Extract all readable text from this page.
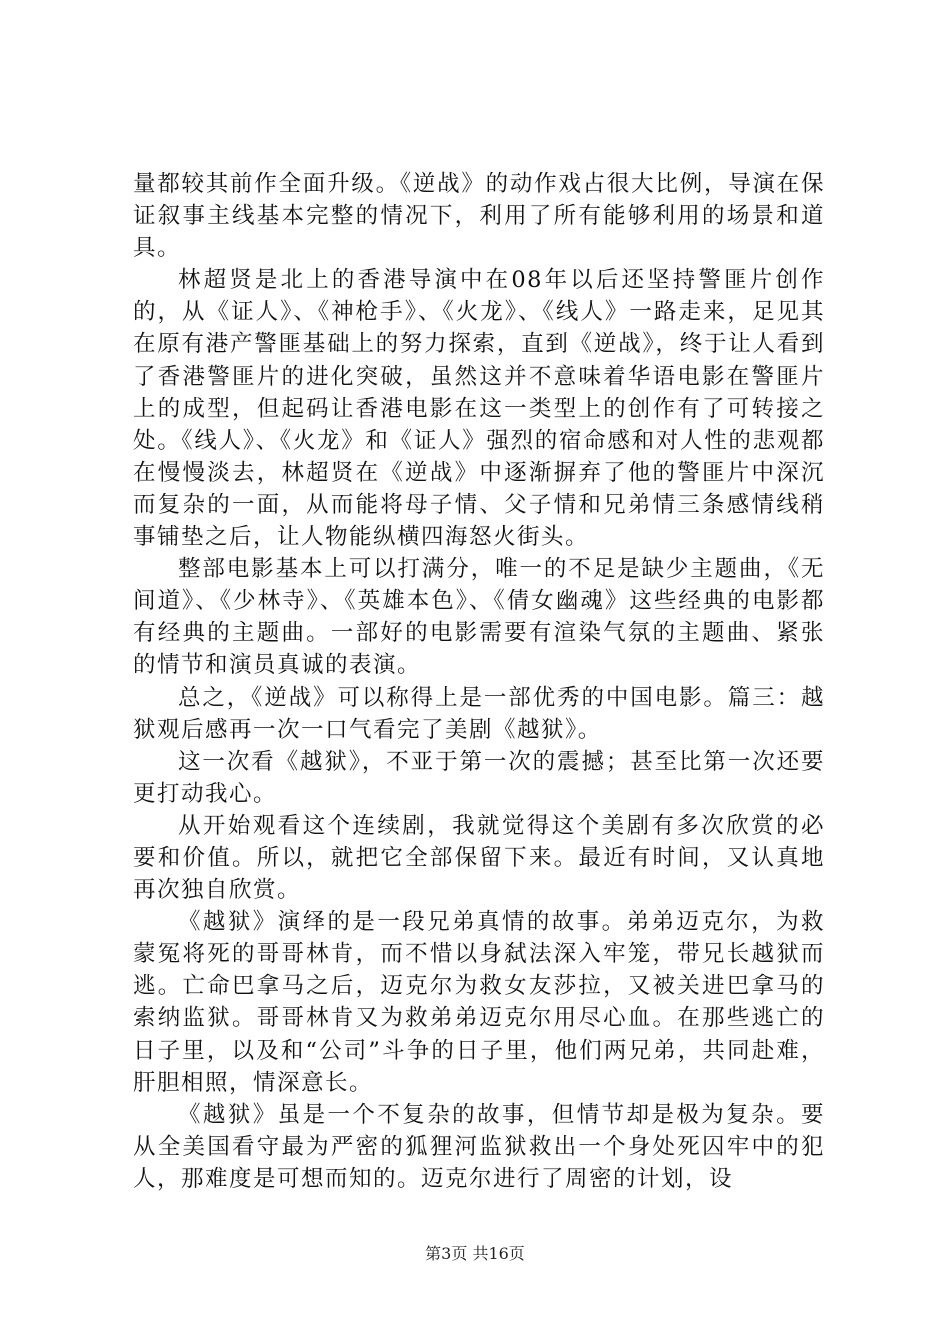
量都较其前作全面升级。《逆战》的动作戏占很大比例，导演在保证叙事主线基本完整的情况下，利用了所有能够利用的场景和道具。

林超贤是北上的香港导演中在08年以后还坚持警匪片创作的，从《证人》、《神枪手》、《火龙》、《线人》一路走来，足见其在原有港产警匪基础上的努力探索，直到《逆战》，终于让人看到了香港警匪片的进化突破，虽然这并不意味着华语电影在警匪片上的成型，但起码让香港电影在这一类型上的创作有了可转接之处。《线人》、《火龙》和《证人》强烈的宿命感和对人性的悲观都在慢慢淡去，林超贤在《逆战》中逐渐摒弃了他的警匪片中深沉而复杂的一面，从而能将母子情、父子情和兄弟情三条感情线稍事铺垫之后，让人物能纵横四海怒火街头。

整部电影基本上可以打满分，唯一的不足是缺少主题曲，《无间道》、《少林寺》、《英雄本色》、《倩女幽魂》这些经典的电影都有经典的主题曲。一部好的电影需要有渲染气氛的主题曲、紧张的情节和演员真诚的表演。

总之，《逆战》可以称得上是一部优秀的中国电影。篇三：越狱观后感再一次一口气看完了美剧《越狱》。

这一次看《越狱》，不亚于第一次的震撼；甚至比第一次还要更打动我心。

从开始观看这个连续剧，我就觉得这个美剧有多次欣赏的必要和价值。所以，就把它全部保留下来。最近有时间，又认真地再次独自欣赏。

《越狱》演绎的是一段兄弟真情的故事。弟弟迈克尔，为救蒙冤将死的哥哥林肯，而不惜以身弑法深入牢笼，带兄长越狱而逃。亡命巴拿马之后，迈克尔为救女友莎拉，又被关进巴拿马的索纳监狱。哥哥林肯又为救弟弟迈克尔用尽心血。在那些逃亡的日子里，以及和“公司”斗争的日子里，他们两兄弟，共同赴难，肝胆相照，情深意长。

《越狱》虽是一个不复杂的故事，但情节却是极为复杂。要从全美国看守最为严密的狐狸河监狱救出一个身处死囚牢中的犯人，那难度是可想而知的。迈克尔进行了周密的计划，设

第3页 共16页
